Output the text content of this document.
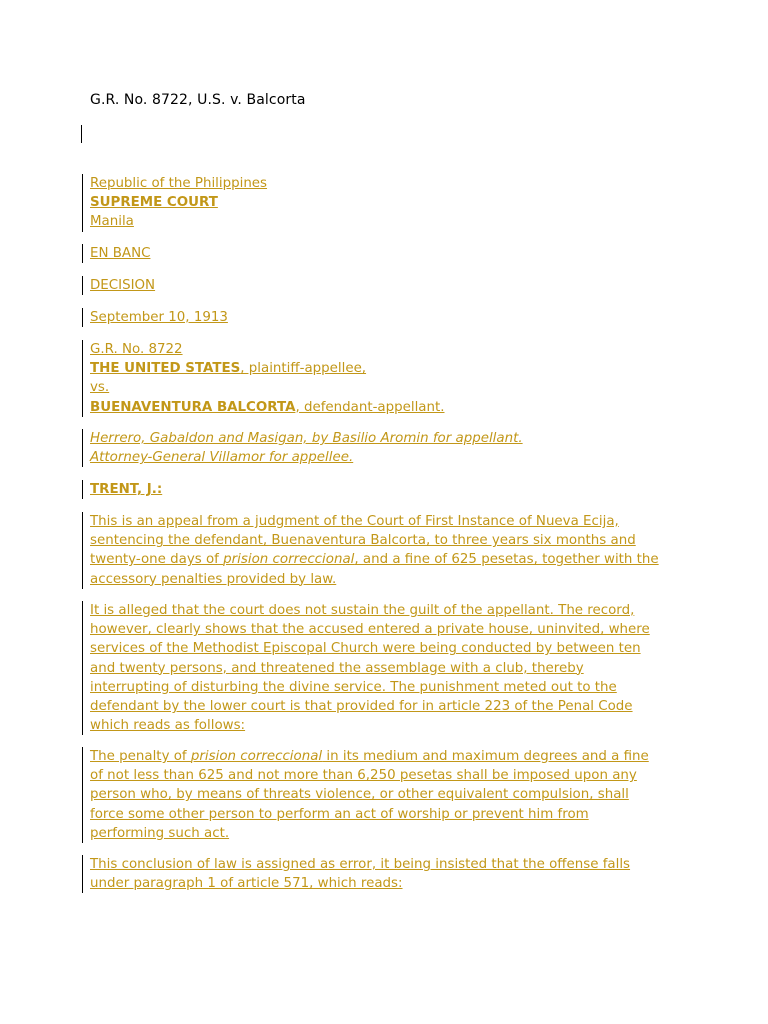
G.R. No. 8722, U.S. v. Balcorta
Republic of the Philippines
SUPREME COURT
Manila
EN BANC
DECISION
September 10, 1913
G.R. No. 8722
THE UNITED STATES, plaintiff-appellee,
vs.
BUENAVENTURA BALCORTA, defendant-appellant.
Herrero, Gabaldon and Masigan, by Basilio Aromin for appellant.
Attorney-General Villamor for appellee.
TRENT, J.:
This is an appeal from a judgment of the Court of First Instance of Nueva Ecija,
sentencing the defendant, Buenaventura Balcorta, to three years six months and
twenty-one days of prision correccional, and a fine of 625 pesetas, together with the
accessory penalties provided by law.
It is alleged that the court does not sustain the guilt of the appellant. The record,
however, clearly shows that the accused entered a private house, uninvited, where
services of the Methodist Episcopal Church were being conducted by between ten
and twenty persons, and threatened the assemblage with a club, thereby
interrupting of disturbing the divine service. The punishment meted out to the
defendant by the lower court is that provided for in article 223 of the Penal Code
which reads as follows:
The penalty of prision correccional in its medium and maximum degrees and a fine
of not less than 625 and not more than 6,250 pesetas shall be imposed upon any
person who, by means of threats violence, or other equivalent compulsion, shall
force some other person to perform an act of worship or prevent him from
performing such act.
This conclusion of law is assigned as error, it being insisted that the offense falls
under paragraph 1 of article 571, which reads:
